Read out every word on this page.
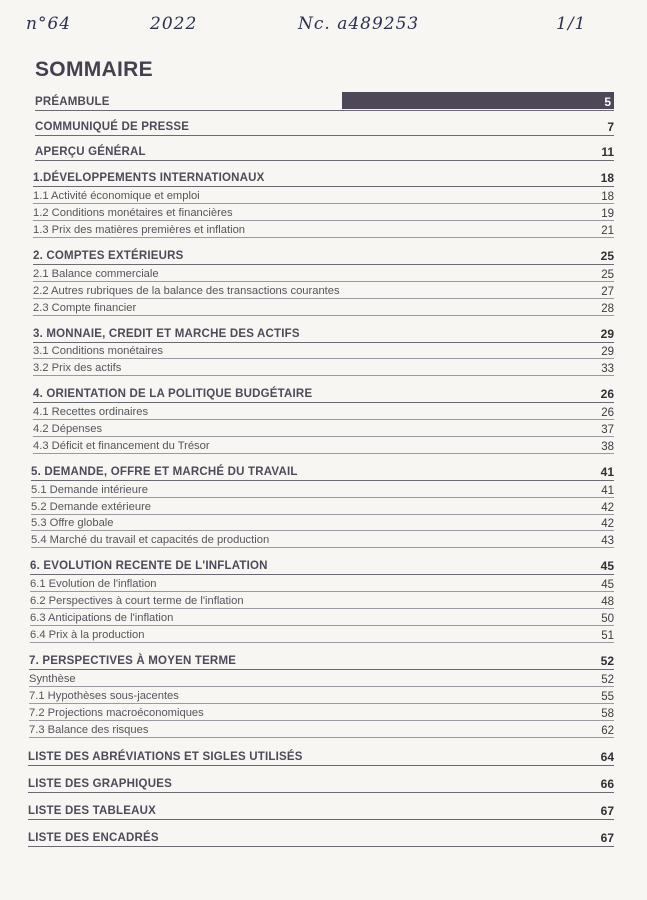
n°64	2022	Nc. a489253	1/1
SOMMAIRE
PRÉAMBULE	5
COMMUNIQUÉ DE PRESSE	7
APERÇU GÉNÉRAL	11
1.DÉVELOPPEMENTS INTERNATIONAUX	18
1.1 Activité économique et emploi	18
1.2 Conditions monétaires et financières	19
1.3 Prix des matières premières et inflation	21
2. COMPTES EXTÉRIEURS	25
2.1 Balance commerciale	25
2.2 Autres rubriques de la balance des transactions courantes	27
2.3 Compte financier	28
3. MONNAIE, CREDIT ET MARCHE DES ACTIFS	29
3.1 Conditions monétaires	29
3.2 Prix des actifs	33
4. ORIENTATION DE LA POLITIQUE BUDGÉTAIRE	26
4.1 Recettes ordinaires	26
4.2 Dépenses	37
4.3 Déficit et financement du Trésor	38
5. DEMANDE, OFFRE ET MARCHÉ DU TRAVAIL	41
5.1 Demande intérieure	41
5.2 Demande extérieure	42
5.3 Offre globale	42
5.4 Marché du travail et capacités de production	43
6. EVOLUTION RECENTE DE L'INFLATION	45
6.1 Evolution de l'inflation	45
6.2 Perspectives à court terme de l'inflation	48
6.3 Anticipations de l'inflation	50
6.4 Prix à la production	51
7. PERSPECTIVES À MOYEN TERME	52
Synthèse	52
7.1 Hypothèses sous-jacentes	55
7.2 Projections macroéconomiques	58
7.3 Balance des risques	62
LISTE DES ABRÉVIATIONS ET SIGLES UTILISÉS	64
LISTE DES GRAPHIQUES	66
LISTE DES TABLEAUX	67
LISTE DES ENCADRÉS	67
